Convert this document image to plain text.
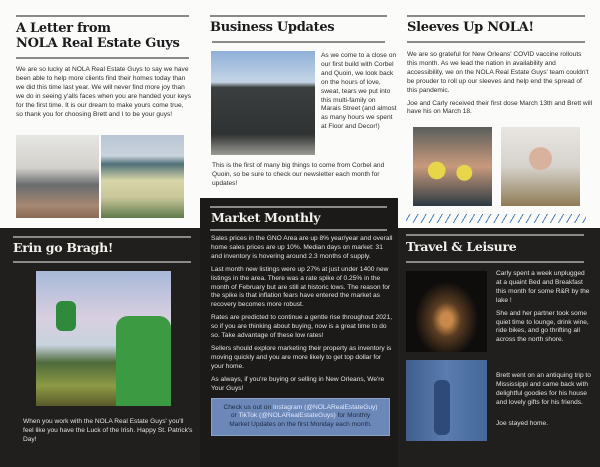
A Letter from
NOLA Real Estate Guys
We are so lucky at NOLA Real Estate Guys to say we have been able to help more clients find their homes today than we did this time last year. We will never find more joy than we do in seeing y'alls faces when you are handed your keys for the first time. It is our dream to make yours come true, so thank you for choosing Brett and I to be your guys!
Business Updates
As we come to a close on our first build with Corbel and Quoin, we look back on the hours of love, sweat, tears we put into this multi-family on Marais Street (and almost as many hours we spent at Floor and Decor!)
This is the first of many big things to come from Corbel and Quoin, so be sure to check our newsletter each month for updates!
Sleeves Up NOLA!
We are so grateful for New Orleans' COVID vaccine rollouts this month. As we lead the nation in availability and accessibility, we on the NOLA Real Estate Guys' team couldn't be prouder to roll up our sleeves and help end the spread of this pandemic.
Joe and Carly received their first dose March 13th and Brett will have his on March 18.
Erin go Bragh!
When you work with the NOLA Real Estate Guys' you'll feel like you have the Luck of the Irish. Happy St. Patrick's Day!
Market Monthly
Sales prices in the GNO Area are up 8% year/year and overall home sales prices are up 10%. Median days on market: 31 and inventory is hovering around 2.3 months of supply.
Last month new listings were up 27% at just under 1400 new listings in the area. There was a rate spike of 0.25% in the month of February but are still at historic lows. The reason for the spike is that inflation fears have entered the market as recovery becomes more robust.
Rates are predicted to continue a gentle rise throughout 2021, so if you are thinking about buying, now is a great time to do so. Take advantage of these low rates!
Sellers should explore marketing their property as inventory is moving quickly and you are more likely to get top dollar for your home.
As always, if you're buying or selling in New Orleans, We're Your Guys!
Check us out on Instagram (@NOLARealEstateGuy) or TikTok (@NOLARealEstateGuys) for Monthly Market Updates on the first Monday each month.
Travel & Leisure
Carly spent a week unplugged at a quaint Bed and Breakfast this month for some R&R by the lake !
She and her partner took some quiet time to lounge, drink wine, ride bikes, and go thrifting all across the north shore.
Brett went on an antiquing trip to Mississippi and came back with delightful goodies for his house and lovely gifts for his friends.
Joe stayed home.
